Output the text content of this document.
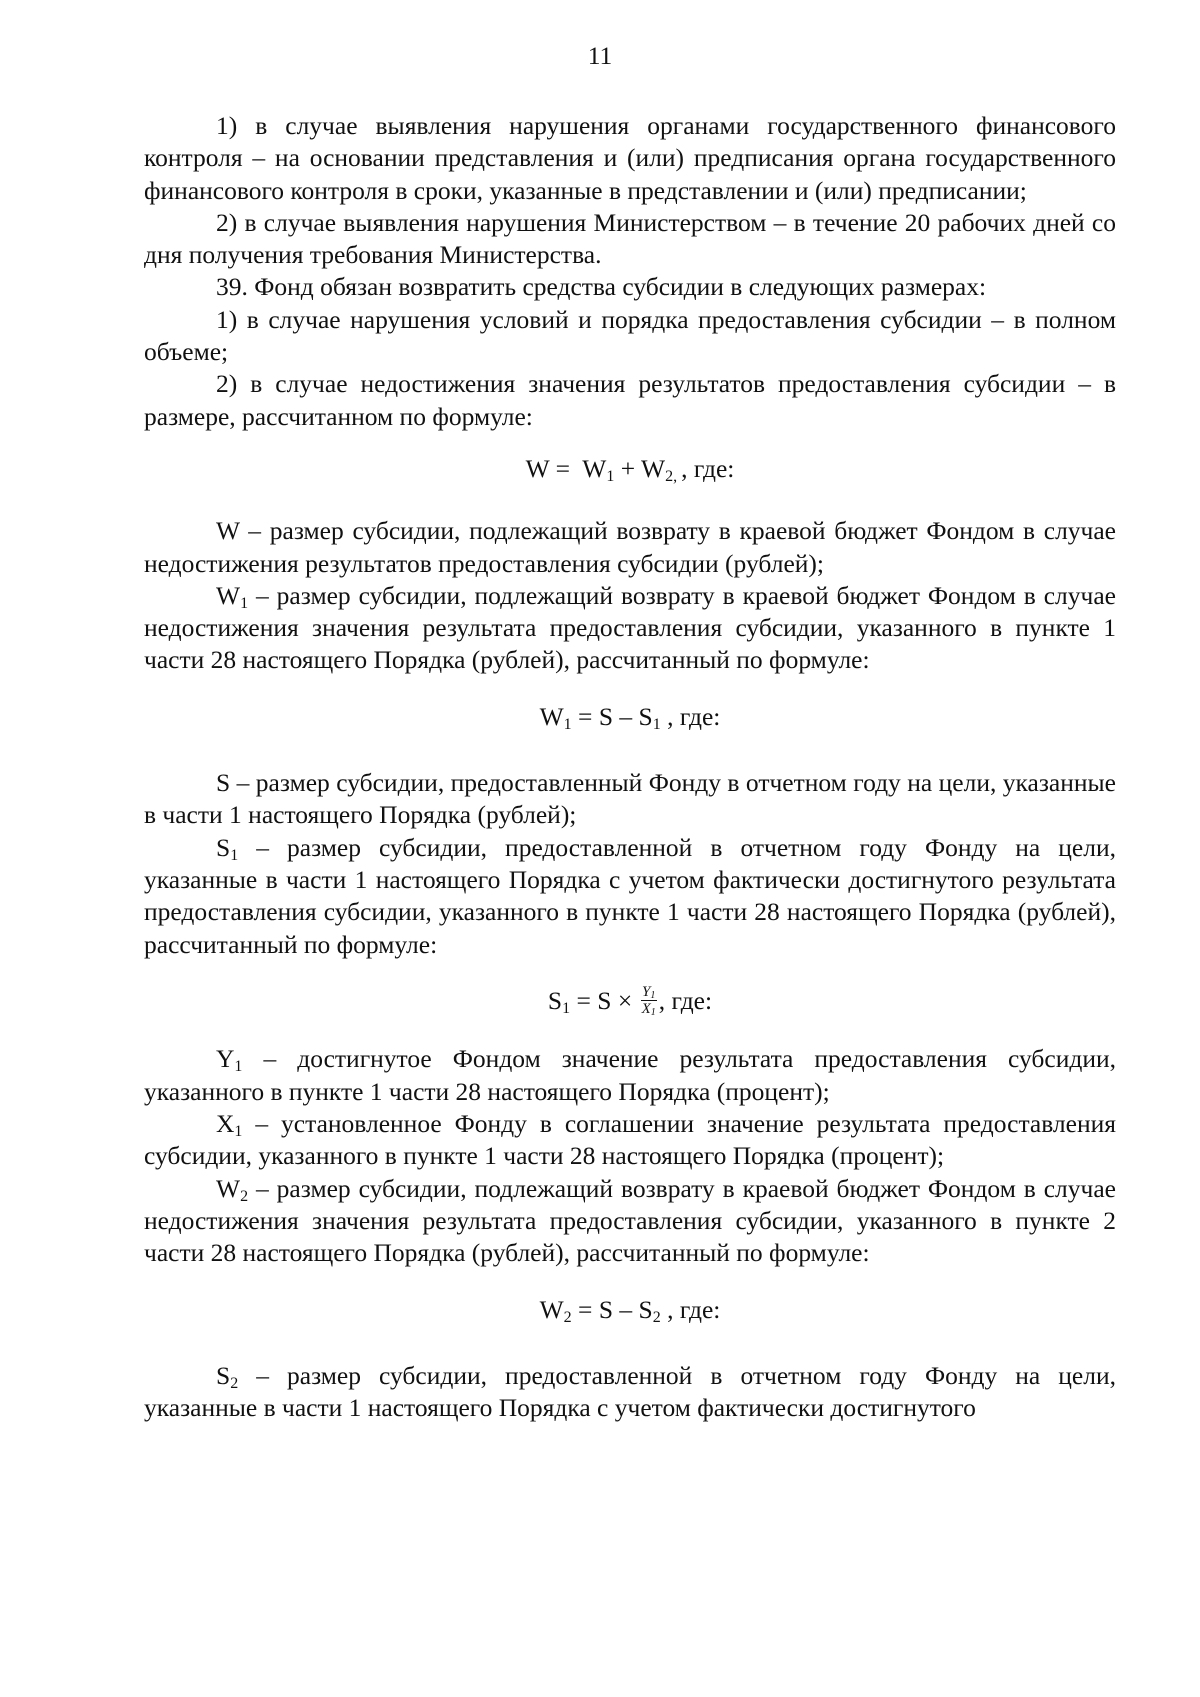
11

1) в случае выявления нарушения органами государственного финансового контроля – на основании представления и (или) предписания органа государственного финансового контроля в сроки, указанные в представлении и (или) предписании;

2) в случае выявления нарушения Министерством – в течение 20 рабочих дней со дня получения требования Министерства.

39. Фонд обязан возвратить средства субсидии в следующих размерах:

1) в случае нарушения условий и порядка предоставления субсидии – в полном объеме;

2) в случае недостижения значения результатов предоставления субсидии – в размере, рассчитанном по формуле:

$W = W_1 + W_{2,}$ , где:

W – размер субсидии, подлежащий возврату в краевой бюджет Фондом в случае недостижения результатов предоставления субсидии (рублей);

$W_1$ – размер субсидии, подлежащий возврату в краевой бюджет Фондом в случае недостижения значения результата предоставления субсидии, указанного в пункте 1 части 28 настоящего Порядка (рублей), рассчитанный по формуле:

$W_1 = S - S_1$ , где:

S – размер субсидии, предоставленный Фонду в отчетном году на цели, указанные в части 1 настоящего Порядка (рублей);

$S_1$ – размер субсидии, предоставленной в отчетном году Фонду на цели, указанные в части 1 настоящего Порядка с учетом фактически достигнутого результата предоставления субсидии, указанного в пункте 1 части 28 настоящего Порядка (рублей), рассчитанный по формуле:

$S_1 = S \times \frac{Y_1}{X_1}$ , где:

$Y_1$ – достигнутое Фондом значение результата предоставления субсидии, указанного в пункте 1 части 28 настоящего Порядка (процент);

$X_1$ – установленное Фонду в соглашении значение результата предоставления субсидии, указанного в пункте 1 части 28 настоящего Порядка (процент);

$W_2$ – размер субсидии, подлежащий возврату в краевой бюджет Фондом в случае недостижения значения результата предоставления субсидии, указанного в пункте 2 части 28 настоящего Порядка (рублей), рассчитанный по формуле:

$W_2 = S - S_2$ , где:

$S_2$ – размер субсидии, предоставленной в отчетном году Фонду на цели, указанные в части 1 настоящего Порядка с учетом фактически достигнутого
